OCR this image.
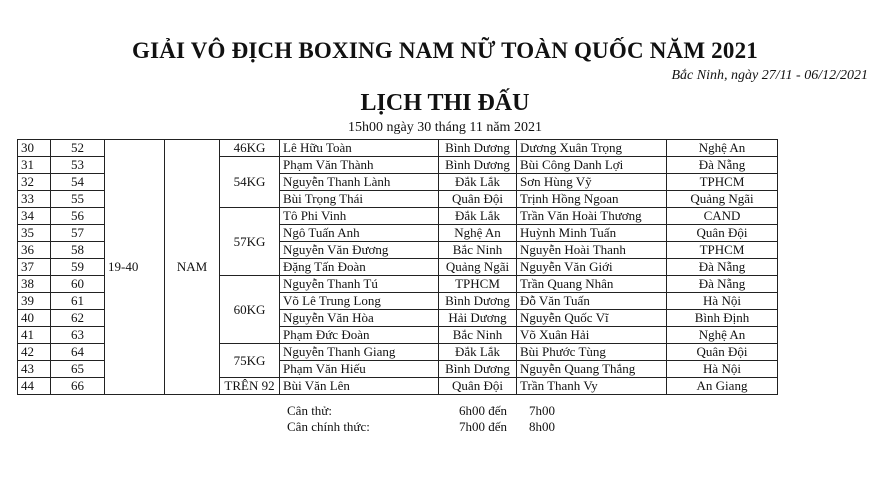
GIẢI VÔ ĐỊCH BOXING NAM NỮ TOÀN QUỐC NĂM 2021
Bắc Ninh, ngày 27/11 - 06/12/2021
LỊCH THI ĐẤU
15h00 ngày 30 tháng 11 năm 2021
30	52	19-40	NAM	46KG	Lê Hữu Toàn	Bình Dương	Dương Xuân Trọng	Nghệ An
31	53			54KG	Phạm Văn Thành	Bình Dương	Bùi Công Danh Lợi	Đà Nẵng
32	54				Nguyễn Thanh Lành	Đắk Lắk	Sơn Hùng Vỹ	TPHCM
33	55				Bùi Trọng Thái	Quân Đội	Trịnh Hồng Ngoan	Quảng Ngãi
34	56			57KG	Tô Phi Vinh	Đắk Lắk	Trần Văn Hoài Thương	CAND
35	57				Ngô Tuấn Anh	Nghệ An	Huỳnh Minh Tuấn	Quân Đội
36	58				Nguyễn Văn Đương	Bắc Ninh	Nguyễn Hoài Thanh	TPHCM
37	59				Đặng Tấn Đoàn	Quảng Ngãi	Nguyễn Văn Giới	Đà Nẵng
38	60			60KG	Nguyễn Thanh Tú	TPHCM	Trần Quang Nhân	Đà Nẵng
39	61				Võ Lê Trung Long	Bình Dương	Đỗ Văn Tuấn	Hà Nội
40	62				Nguyễn Văn Hòa	Hải Dương	Nguyễn Quốc Vĩ	Bình Định
41	63				Phạm Đức Đoàn	Bắc Ninh	Võ Xuân Hải	Nghệ An
42	64			75KG	Nguyễn Thanh Giang	Đắk Lắk	Bùi Phước Tùng	Quân Đội
43	65				Phạm Văn Hiếu	Bình Dương	Nguyễn Quang Thắng	Hà Nội
44	66			TRÊN 92	Bùi Văn Lên	Quân Đội	Trần Thanh Vy	An Giang
Cân thử:	6h00 đến 7h00
Cân chính thức:	7h00 đến 8h00
